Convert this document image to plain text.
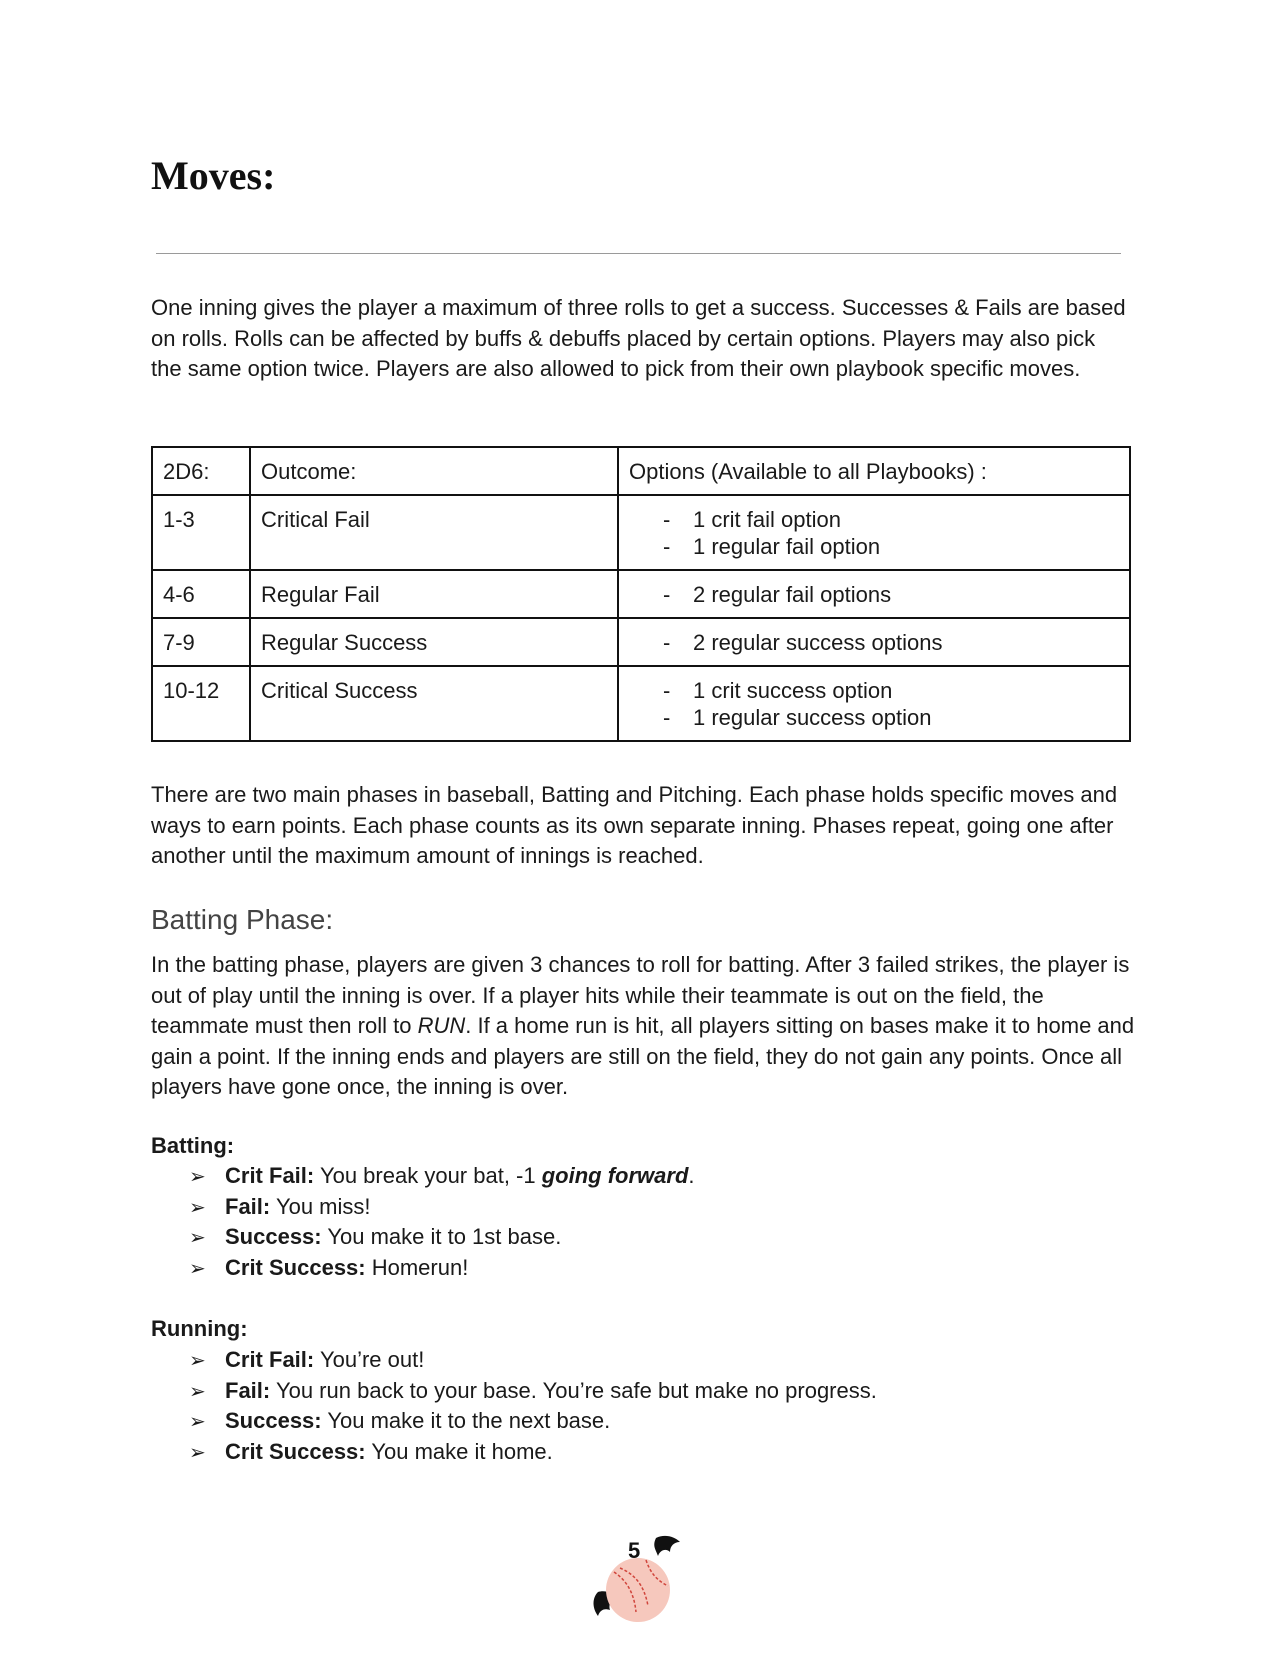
Moves:

One inning gives the player a maximum of three rolls to get a success. Successes & Fails are based on rolls. Rolls can be affected by buffs & debuffs placed by certain options. Players may also pick the same option twice. Players are also allowed to pick from their own playbook specific moves.

2D6:	Outcome:	Options (Available to all Playbooks) :
1-3	Critical Fail	- 1 crit fail option
- 1 regular fail option

4-6	Regular Fail	- 2 regular fail options

7-9	Regular Success	- 2 regular success options

10-12	Critical Success	- 1 crit success option
- 1 regular success option

There are two main phases in baseball, Batting and Pitching. Each phase holds specific moves and ways to earn points. Each phase counts as its own separate inning. Phases repeat, going one after another until the maximum amount of innings is reached.

Batting Phase:

In the batting phase, players are given 3 chances to roll for batting. After 3 failed strikes, the player is out of play until the inning is over. If a player hits while their teammate is out on the field, the teammate must then roll to RUN. If a home run is hit, all players sitting on bases make it to home and gain a point. If the inning ends and players are still on the field, they do not gain any points. Once all players have gone once, the inning is over.

Batting:
➢ Crit Fail: You break your bat, -1 going forward.
➢ Fail: You miss!
➢ Success: You make it to 1st base.
➢ Crit Success: Homerun!
Running:
➢ Crit Fail: You’re out!
➢ Fail: You run back to your base. You’re safe but make no progress.
➢ Success: You make it to the next base.
➢ Crit Success: You make it home.
5
